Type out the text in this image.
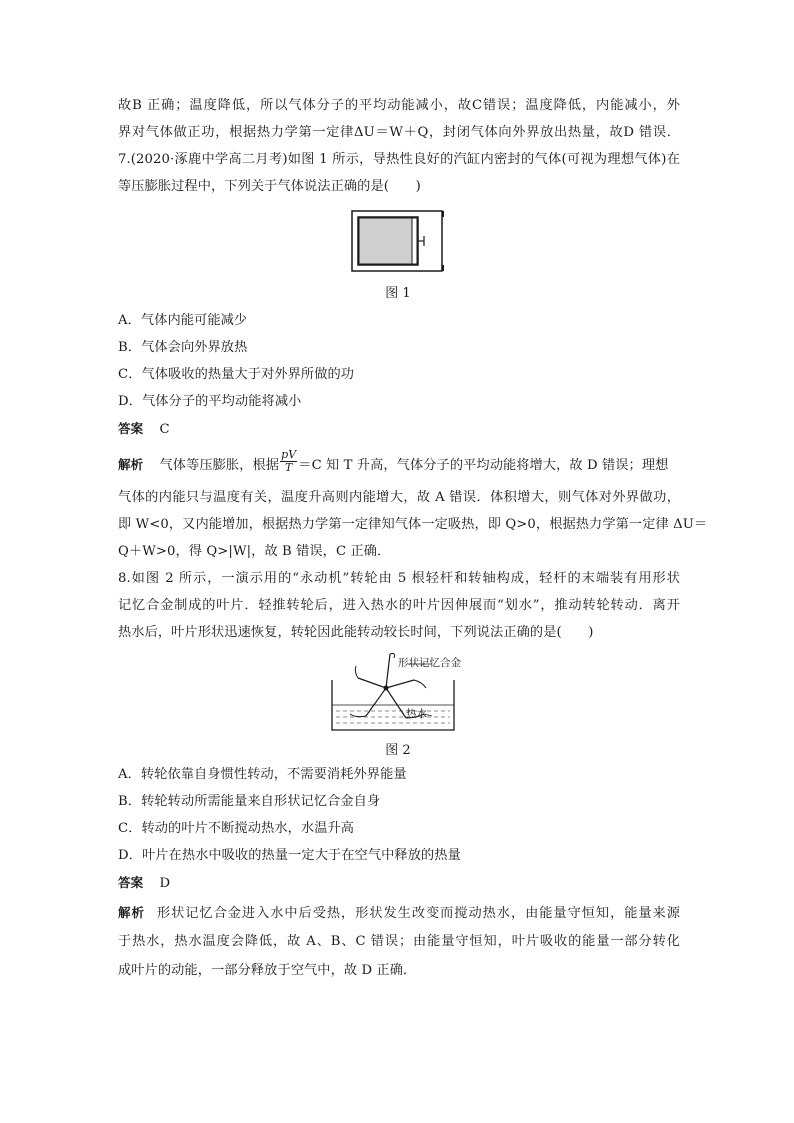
故B 正确；温度降低，所以气体分子的平均动能减小，故C错误；温度降低，内能减小，外
界对气体做正功，根据热力学第一定律ΔU＝W＋Q，封闭气体向外界放出热量，故D 错误．
7.(2020·涿鹿中学高二月考)如图 1 所示，导热性良好的汽缸内密封的气体(可视为理想气体)在
等压膨胀过程中，下列关于气体说法正确的是(　　)
图 1
A．气体内能可能减少
B．气体会向外界放热
C．气体吸收的热量大于对外界所做的功
D．气体分子的平均动能将减小
答案 C
解析 气体等压膨胀，根据 $\frac{pV}{T} =C$ 知 T 升高，气体分子的平均动能将增大，故 D 错误；理想
气体的内能只与温度有关，温度升高则内能增大，故 A 错误．体积增大，则气体对外界做功，
即 W<0，又内能增加，根据热力学第一定律知气体一定吸热，即 Q>0，根据热力学第一定律 ΔU＝
Q＋W>0，得 Q>|W|，故 B 错误，C 正确．
8.如图 2 所示，一演示用的“永动机”转轮由 5 根轻杆和转轴构成，轻杆的末端装有用形状
记忆合金制成的叶片．轻推转轮后，进入热水的叶片因伸展而“划水”，推动转轮转动．离开
热水后，叶片形状迅速恢复，转轮因此能转动较长时间，下列说法正确的是(　　)
形状记忆合金
热水
图 2
A．转轮依靠自身惯性转动，不需要消耗外界能量
B．转轮转动所需能量来自形状记忆合金自身
C．转动的叶片不断搅动热水，水温升高
D．叶片在热水中吸收的热量一定大于在空气中释放的热量
答案 D
解析 形状记忆合金进入水中后受热，形状发生改变而搅动热水，由能量守恒知，能量来源
于热水，热水温度会降低，故 A、B、C 错误；由能量守恒知，叶片吸收的能量一部分转化
成叶片的动能，一部分释放于空气中，故 D 正确．
